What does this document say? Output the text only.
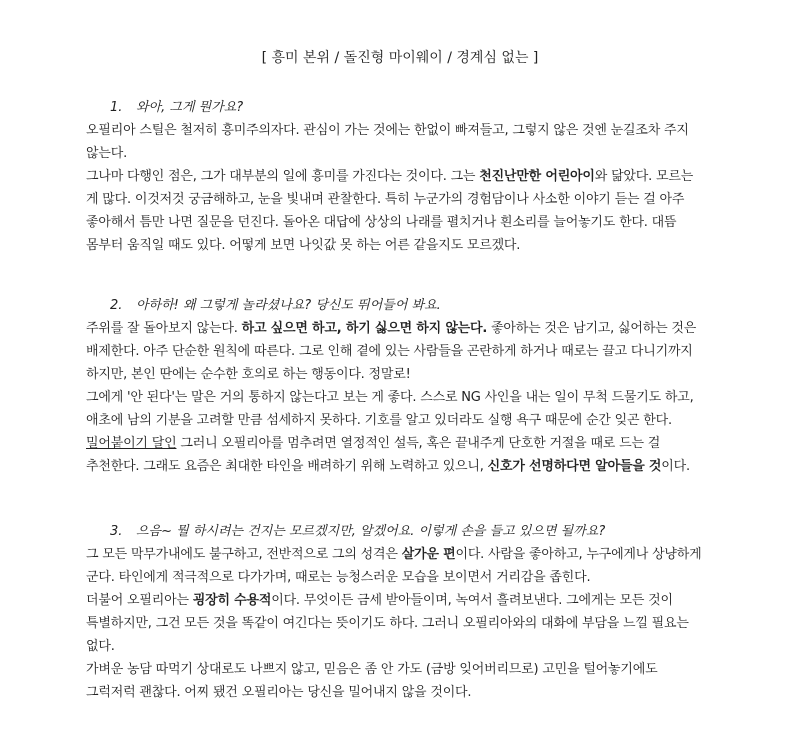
[ 흥미 본위 / 돌진형 마이웨이 / 경계심 없는 ]
1. 와아, 그게 뭔가요?
오필리아 스틸은 철저히 흥미주의자다. 관심이 가는 것에는 한없이 빠져들고, 그렇지 않은 것엔 눈길조차 주지
않는다.
그나마 다행인 점은, 그가 대부분의 일에 흥미를 가진다는 것이다. 그는 천진난만한 어린아이와 닮았다. 모르는
게 많다. 이것저것 궁금해하고, 눈을 빛내며 관찰한다. 특히 누군가의 경험담이나 사소한 이야기 듣는 걸 아주
좋아해서 틈만 나면 질문을 던진다. 돌아온 대답에 상상의 나래를 펼치거나 흰소리를 늘어놓기도 한다. 대뜸
몸부터 움직일 때도 있다. 어떻게 보면 나잇값 못 하는 어른 같을지도 모르겠다.
2. 아하하! 왜 그렇게 놀라셨나요? 당신도 뛰어들어 봐요.
주위를 잘 돌아보지 않는다. 하고 싶으면 하고, 하기 싫으면 하지 않는다. 좋아하는 것은 남기고, 싫어하는 것은
배제한다. 아주 단순한 원칙에 따른다. 그로 인해 곁에 있는 사람들을 곤란하게 하거나 때로는 끌고 다니기까지
하지만, 본인 딴에는 순수한 호의로 하는 행동이다. 정말로!
그에게 '안 된다'는 말은 거의 통하지 않는다고 보는 게 좋다. 스스로 NG 사인을 내는 일이 무척 드물기도 하고,
애초에 남의 기분을 고려할 만큼 섬세하지 못하다. 기호를 알고 있더라도 실행 욕구 때문에 순간 잊곤 한다.
밀어붙이기 달인 그러니 오필리아를 멈추려면 열정적인 설득, 혹은 끝내주게 단호한 거절을 때로 드는 걸
추천한다. 그래도 요즘은 최대한 타인을 배려하기 위해 노력하고 있으니, 신호가 선명하다면 알아들을 것이다.
3. 으음~ 뭘 하시려는 건지는 모르겠지만, 알겠어요. 이렇게 손을 들고 있으면 될까요?
그 모든 막무가내에도 불구하고, 전반적으로 그의 성격은 살가운 편이다. 사람을 좋아하고, 누구에게나 상냥하게
군다. 타인에게 적극적으로 다가가며, 때로는 능청스러운 모습을 보이면서 거리감을 좁힌다.
더불어 오필리아는 굉장히 수용적이다. 무엇이든 금세 받아들이며, 녹여서 흘려보낸다. 그에게는 모든 것이
특별하지만, 그건 모든 것을 똑같이 여긴다는 뜻이기도 하다. 그러니 오필리아와의 대화에 부담을 느낄 필요는
없다.
가벼운 농담 따먹기 상대로도 나쁘지 않고, 믿음은 좀 안 가도 (금방 잊어버리므로) 고민을 털어놓기에도
그럭저럭 괜찮다. 어찌 됐건 오필리아는 당신을 밀어내지 않을 것이다.
